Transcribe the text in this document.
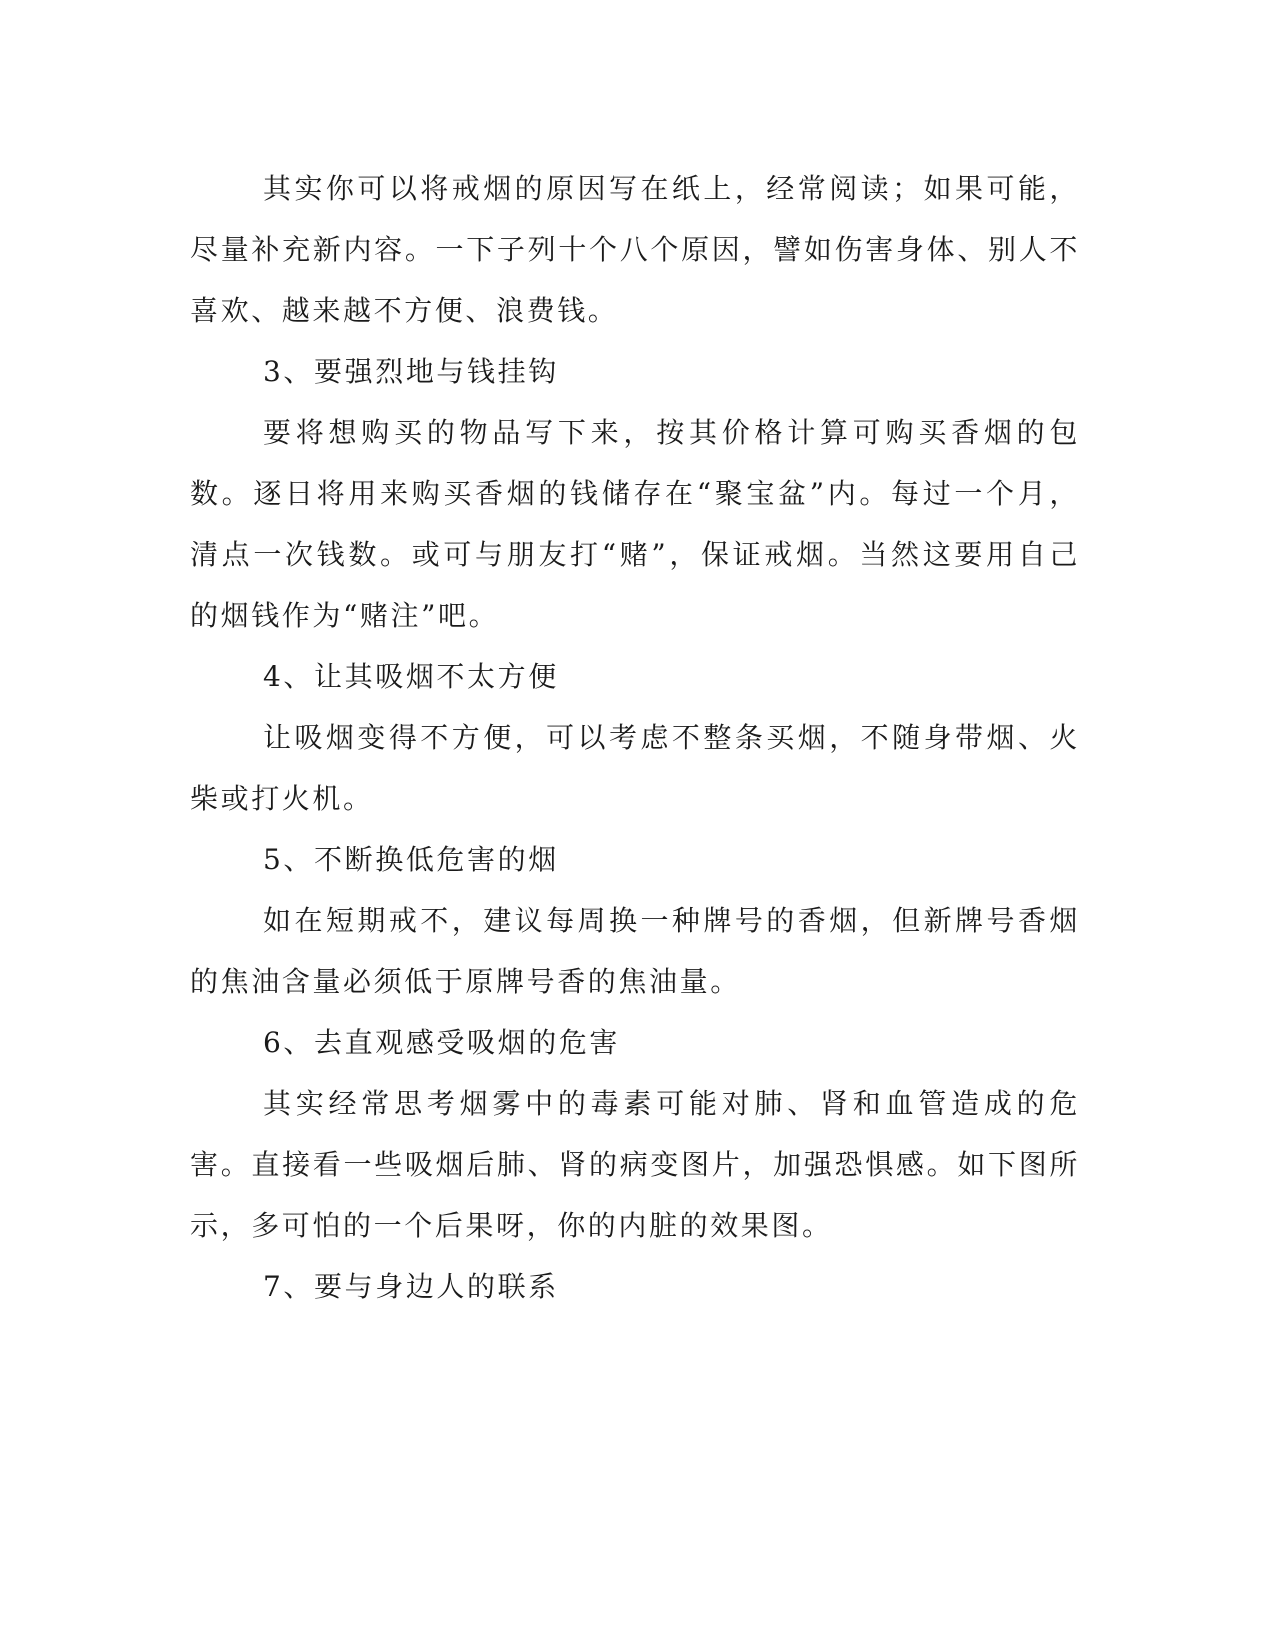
其实你可以将戒烟的原因写在纸上，经常阅读；如果可能，尽量补充新内容。一下子列十个八个原因，譬如伤害身体、别人不喜欢、越来越不方便、浪费钱。

3、要强烈地与钱挂钩

要将想购买的物品写下来，按其价格计算可购买香烟的包数。逐日将用来购买香烟的钱储存在“聚宝盆”内。每过一个月，清点一次钱数。或可与朋友打“赌”，保证戒烟。当然这要用自己的烟钱作为“赌注”吧。

4、让其吸烟不太方便

让吸烟变得不方便，可以考虑不整条买烟，不随身带烟、火柴或打火机。

5、不断换低危害的烟

如在短期戒不，建议每周换一种牌号的香烟，但新牌号香烟的焦油含量必须低于原牌号香的焦油量。

6、去直观感受吸烟的危害

其实经常思考烟雾中的毒素可能对肺、肾和血管造成的危害。直接看一些吸烟后肺、肾的病变图片，加强恐惧感。如下图所示，多可怕的一个后果呀，你的内脏的效果图。

7、要与身边人的联系
